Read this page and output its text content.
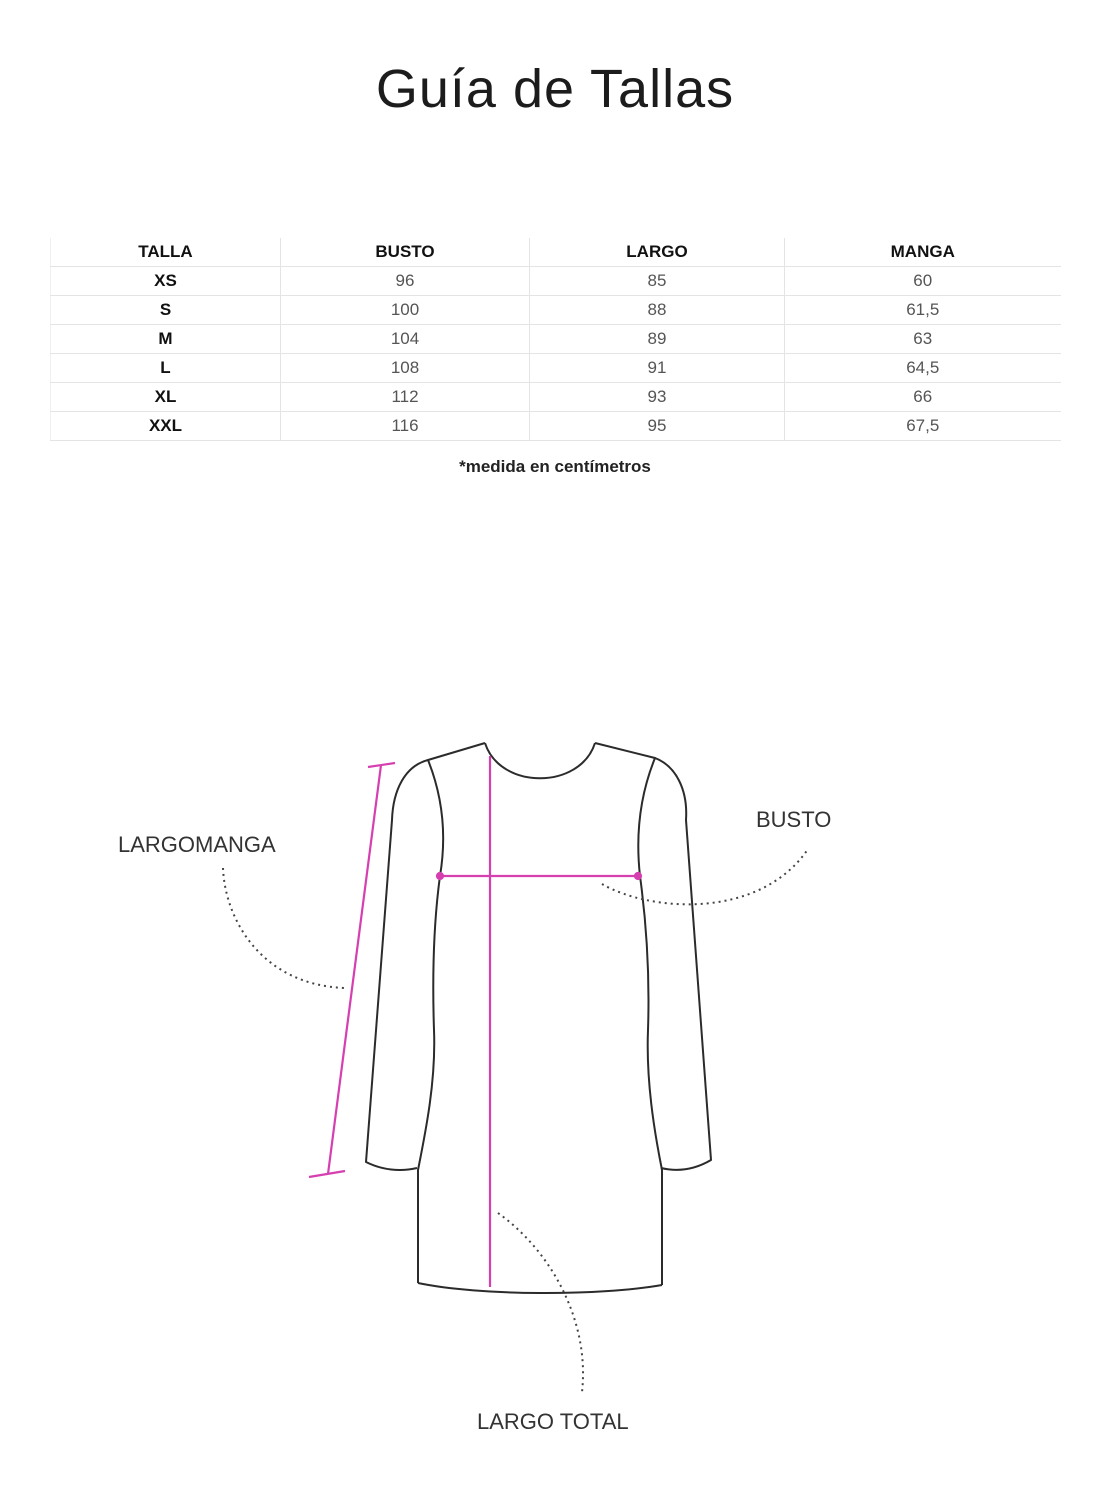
Guía de Tallas
TALLA	BUSTO	LARGO	MANGA
XS	96	85	60
S	100	88	61,5
M	104	89	63
L	108	91	64,5
XL	112	93	66
XXL	116	95	67,5
*medida en centímetros
LARGOMANGA
BUSTO
LARGO TOTAL
